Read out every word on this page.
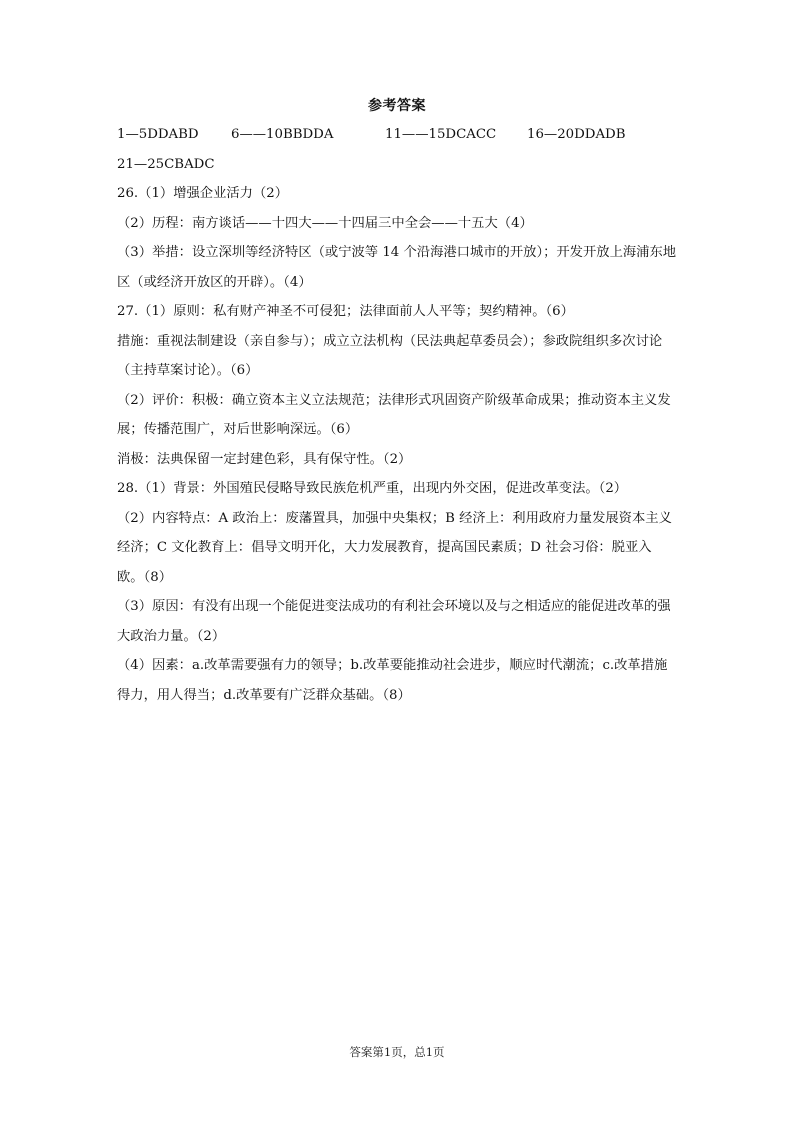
参考答案
1—5DDABD 6——10BBDDA	11——15DCACC 16—20DDADB
21—25CBADC

26.（1）增强企业活力（2）

（2）历程：南方谈话——十四大——十四届三中全会——十五大（4）

（3）举措：设立深圳等经济特区（或宁波等 14 个沿海港口城市的开放）；开发开放上海浦东地区（或经济开放区的开辟）。（4）

27.（1）原则：私有财产神圣不可侵犯；法律面前人人平等；契约精神。（6）

措施：重视法制建设（亲自参与）；成立立法机构（民法典起草委员会）；参政院组织多次讨论（主持草案讨论）。（6）

（2）评价：积极：确立资本主义立法规范；法律形式巩固资产阶级革命成果；推动资本主义发展；传播范围广，对后世影响深远。（6）

消极：法典保留一定封建色彩，具有保守性。（2）

28.（1）背景：外国殖民侵略导致民族危机严重，出现内外交困，促进改革变法。（2）

（2）内容特点：A 政治上：废藩置具，加强中央集权；B 经济上：利用政府力量发展资本主义经济；C 文化教育上：倡导文明开化，大力发展教育，提高国民素质；D 社会习俗：脱亚入欧。（8）

（3）原因：有没有出现一个能促进变法成功的有利社会环境以及与之相适应的能促进改革的强大政治力量。（2）

（4）因素：a.改革需要强有力的领导；b.改革要能推动社会进步，顺应时代潮流；c.改革措施得力，用人得当；d.改革要有广泛群众基础。（8）

答案第1页，总1页
